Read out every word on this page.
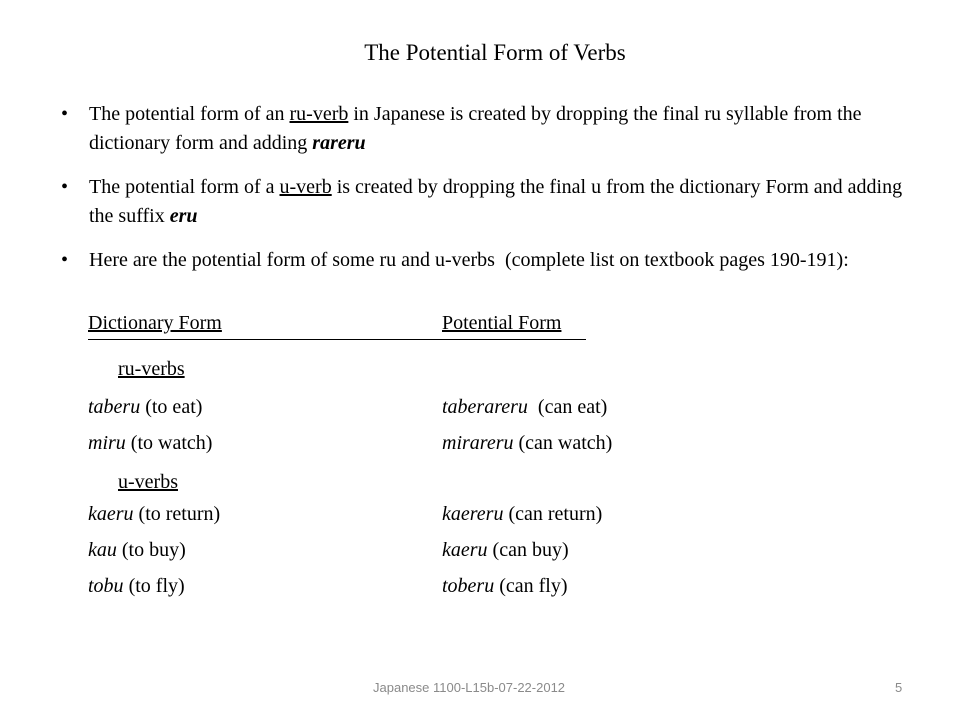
The Potential Form of Verbs
• The potential form of an ru-verb in Japanese is created by dropping the final ru syllable from the dictionary form and adding rareru
• The potential form of a u-verb is created by dropping the final u from the dictionary Form and adding the suffix eru
• Here are the potential form of some ru and u-verbs  (complete list on textbook pages 190-191):
Dictionary Form	Potential Form
ru-verbs
taberu (to eat)	taberareru  (can eat)
miru (to watch)	mirareru (can watch)
u-verbs
kaeru (to return)	kaereru (can return)
kau (to buy)	kaeru (can buy)
tobu (to fly)	toberu (can fly)
Japanese 1100-L15b-07-22-2012	5
